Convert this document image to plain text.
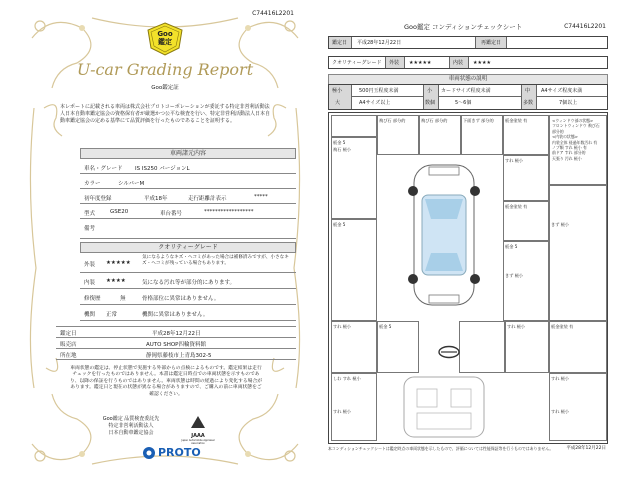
C74416L2201
Goo
鑑定
U-car Grading Report
Goo鑑定証
本レポートに記載される車両は株式会社プロトコーポレーションが委託する特定非営利活動法人日本自動車鑑定協会の資格保有者が厳選かつ公平な検査を行い、特定非営利活動法人日本自動車鑑定協会の定める基準にて品質評価を行ったものであることを証明する。
車両諸元内容
車名・グレード IS IS250 バージョンL
カラー	シルバーM
初年度登録	平成18年	走行距離計表示	*****
型式	GSE20	車台番号	******************
備考
クオリティーグレード
外装 ★★★★★
気になるようなキズ・ヘコミがあった場合は補修済みですが、小さなキズ・ヘコミが残っている場合もあります。
内装 ★★★★	気になる汚れ等が部分的にあります。
修復歴	無	骨格部位に異常はありません。
機関 正常	機関に異常はありません。
鑑定日	平成28年12月22日
販売店	AUTO SHOP四輪資料館
所在地	静岡県藤枝市上青島302-5
車両状態の鑑定は、停止状態で実施する外部からの点検によるものです。鑑定結果は走行チェックを行ったものではありません。本書は鑑定日時点での車両状態を示すものであり、以降の保証を行うものではありません。車両状態は時間の経過により変化する場合があります。鑑定日と現在の状態が異なる場合がありますので、ご購入の前に車両状態をご確認ください。
Goo鑑定 品質検査委託先
特定非営利活動法人
日本自動車鑑定協会	JAAA
Japan Automobile Appraisal Association
PROTO
Goo鑑定 コンディションチェックシート	C74416L2201
鑑定日 平成28年12月22日	再鑑定日
クオリティーグレード 外装 ★★★★★	内装 ★★★★
車両状態の説明
極小	500円玉程度未満	小 カードサイズ程度未満	中 A4サイズ程度未満
大	A4サイズ以上	数個	5〜6個	多数	7個以上
飛び石 部分的	飛び石 部分的	下面きず 部分的	板金塗装 有
すれ 極小
板金塗装 有
板金 5
飛石 極小
板金 5
板金 5
きず 極小
きず 極小
板金塗装 有
すれ 極小	板金 5	すれ 極小
しわ すれ 極小
すれ 極小
すれ 極小
すれ 極小
<ウィンドウ部の状態>
フロントウィンドウ 飛び石 部分的
<内装の状態>
内装全体 経過年数汚れ 有
ノブ類 すれ 極小 有
前ドア すれ 部分的
天張り 汚れ 極小
本コンディションチェックシートは鑑定時点の車両状態を示したもので、評価については性能保証等を行うものではありません。	平成28年12月22日
